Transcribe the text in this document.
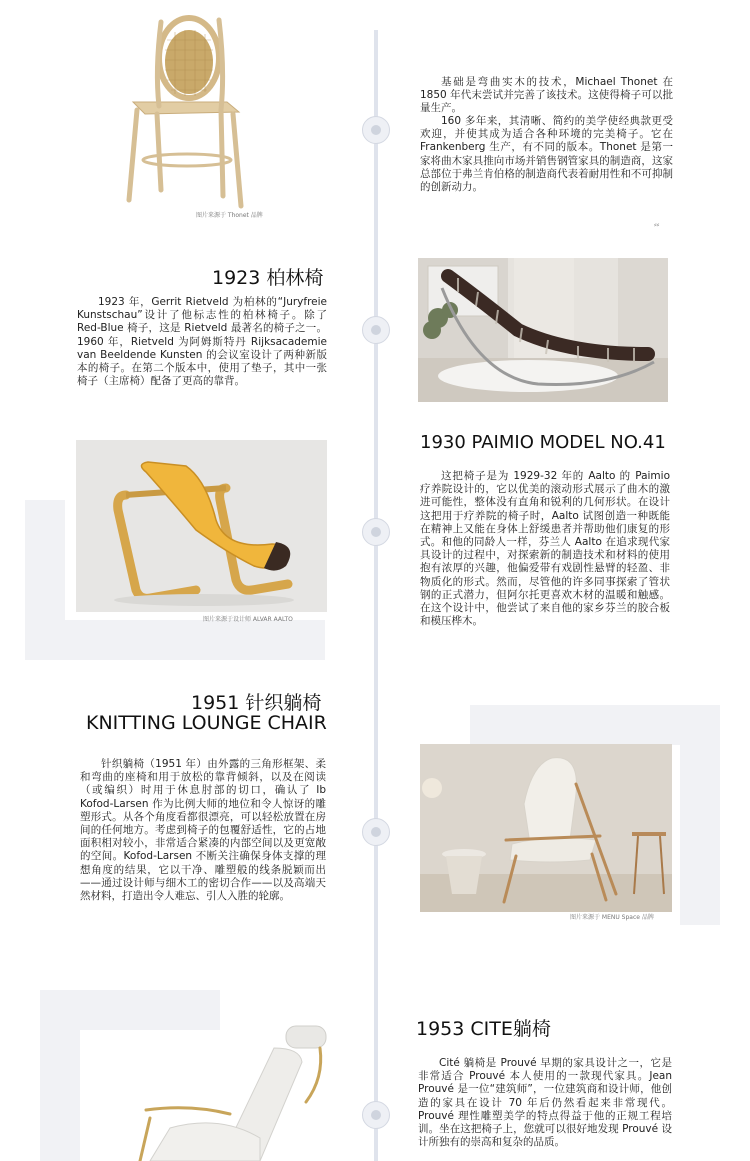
图片来源于 Thonet 品牌

基础是弯曲实木的技术，Michael Thonet 在 1850 年代末尝试并完善了该技术。这使得椅子可以批量生产。

160 多年来，其清晰、简约的美学使经典款更受欢迎，并使其成为适合各种环境的完美椅子。它在 Frankenberg 生产，有不同的版本。Thonet 是第一家将曲木家具推向市场并销售钢管家具的制造商，这家总部位于弗兰肯伯格的制造商代表着耐用性和不可抑制的创新动力。

⸗⸗
1923 柏林椅

1923 年，Gerrit Rietveld 为柏林的“Juryfreie Kunstschau”设计了他标志性的柏林椅子。除了 Red-Blue 椅子，这是 Rietveld 最著名的椅子之一。1960 年，Rietveld 为阿姆斯特丹 Rijksacademie van Beeldende Kunsten 的会议室设计了两种新版本的椅子。在第二个版本中，使用了垫子，其中一张椅子（主席椅）配备了更高的靠背。

图片来源于设计师 ALVAR AALTO
1930 PAIMIO MODEL NO.41

这把椅子是为 1929-32 年的 Aalto 的 Paimio 疗养院设计的，它以优美的滚动形式展示了曲木的激进可能性，整体没有直角和锐利的几何形状。在设计这把用于疗养院的椅子时，Aalto 试图创造一种既能在精神上又能在身体上舒缓患者并帮助他们康复的形式。和他的同龄人一样，芬兰人 Aalto 在追求现代家具设计的过程中，对探索新的制造技术和材料的使用抱有浓厚的兴趣，他偏爱带有戏剧性悬臂的轻盈、非物质化的形式。然而，尽管他的许多同事探索了管状钢的正式潜力，但阿尔托更喜欢木材的温暖和触感。在这个设计中，他尝试了来自他的家乡芬兰的胶合板和模压桦木。

1951 针织躺椅
KNITTING LOUNGE CHAIR

针织躺椅（1951 年）由外露的三角形框架、柔和弯曲的座椅和用于放松的靠背倾斜，以及在阅读（或编织）时用于休息肘部的切口，确认了 Ib Kofod-Larsen 作为比例大师的地位和令人惊讶的雕塑形式。从各个角度看都很漂亮，可以轻松放置在房间的任何地方。考虑到椅子的包覆舒适性，它的占地面积相对较小，非常适合紧凑的内部空间以及更宽敞的空间。Kofod-Larsen 不断关注确保身体支撑的理想角度的结果，它以干净、雕塑般的线条脱颖而出——通过设计师与细木工的密切合作——以及高端天然材料，打造出令人难忘、引人入胜的轮廓。

图片来源于 MENU Space 品牌
1953 CITE躺椅

Cité 躺椅是 Prouvé 早期的家具设计之一，它是非常适合 Prouvé 本人使用的一款现代家具。Jean Prouvé 是一位“建筑师”，一位建筑商和设计师，他创造的家具在设计 70 年后仍然看起来非常现代。Prouvé 理性雕塑美学的特点得益于他的正规工程培训。坐在这把椅子上，您就可以很好地发现 Prouvé 设计所独有的崇高和复杂的品质。
